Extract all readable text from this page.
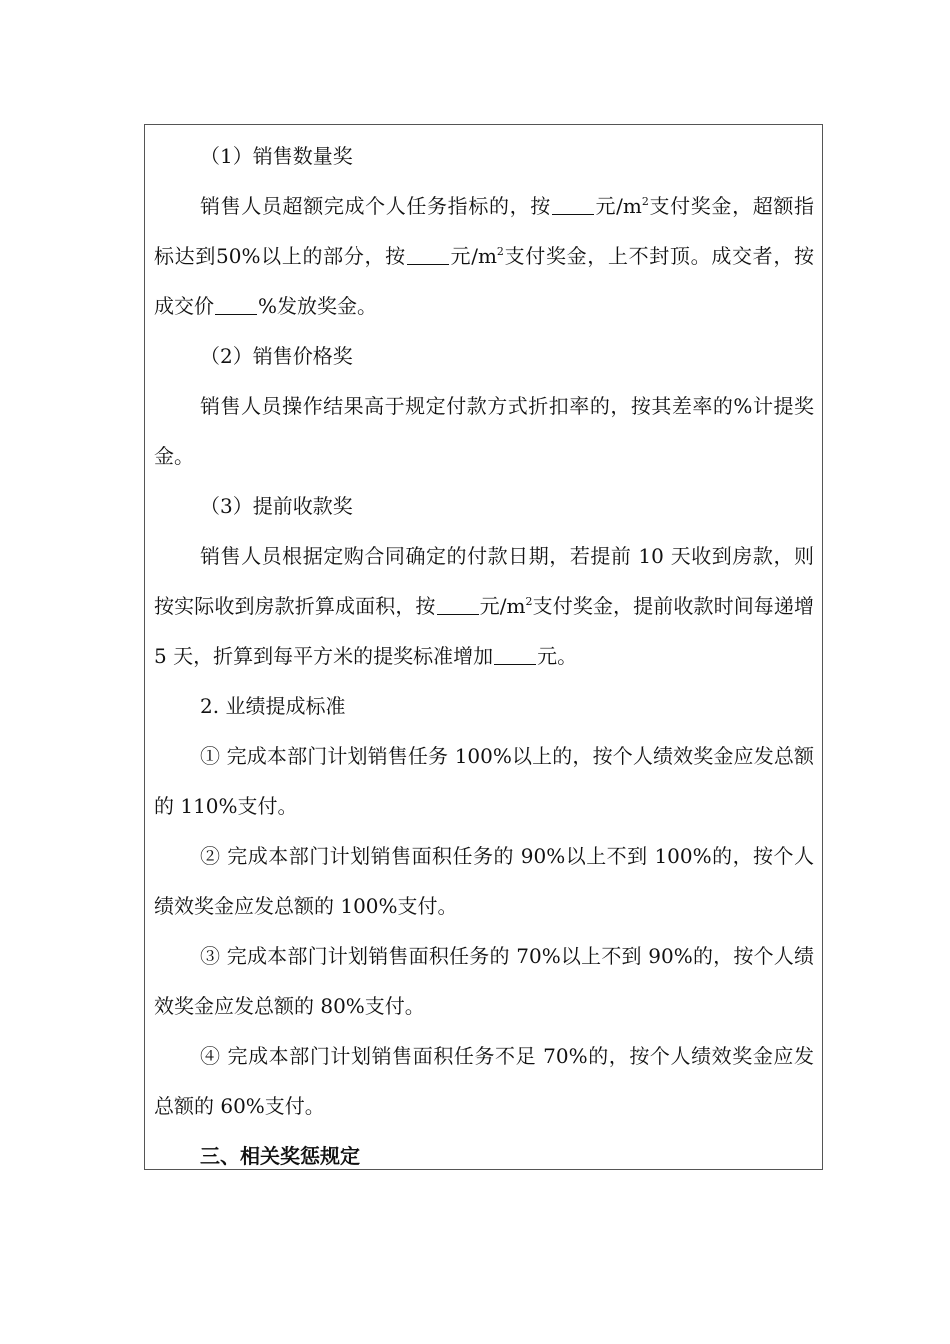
（1）销售数量奖

销售人员超额完成个人任务指标的，按 元$/m^2$支付奖金，超额指标达到50%以上的部分，按 元$/m^2$支付奖金，上不封顶。成交者，按成交价 %发放奖金。

（2）销售价格奖

销售人员操作结果高于规定付款方式折扣率的，按其差率的%计提奖金。

（3）提前收款奖

销售人员根据定购合同确定的付款日期，若提前 10 天收到房款，则按实际收到房款折算成面积，按 元$/m^2$支付奖金，提前收款时间每递增 5 天，折算到每平方米的提奖标准增加 元。

2. 业绩提成标准

① 完成本部门计划销售任务 100%以上的，按个人绩效奖金应发总额的 110%支付。

② 完成本部门计划销售面积任务的 90%以上不到 100%的，按个人绩效奖金应发总额的 100%支付。

③ 完成本部门计划销售面积任务的 70%以上不到 90%的，按个人绩效奖金应发总额的 80%支付。

④ 完成本部门计划销售面积任务不足 70%的，按个人绩效奖金应发总额的 60%支付。

三、相关奖惩规定
